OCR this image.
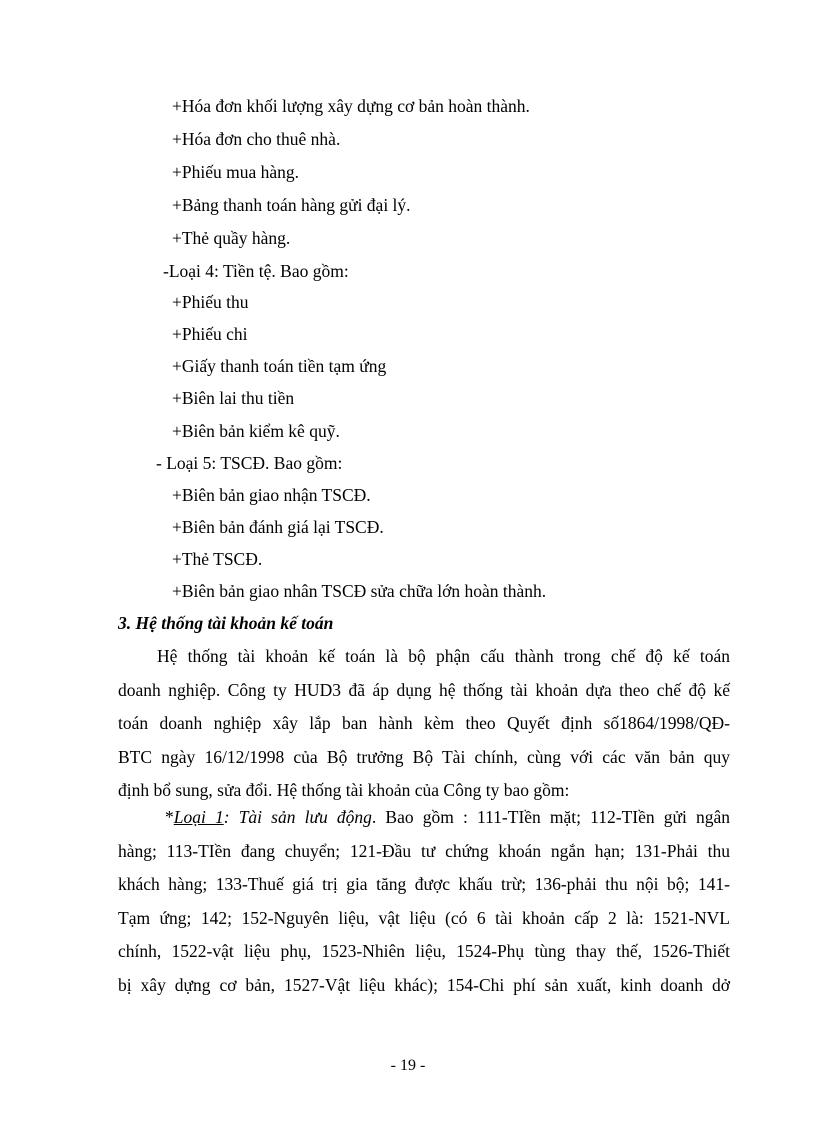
+Hóa đơn khối lượng xây dựng cơ bản hoàn thành.
+Hóa đơn cho thuê nhà.
+Phiếu mua hàng.
+Bảng thanh toán hàng gửi đại lý.
+Thẻ quầy hàng.
-Loại 4: Tiền tệ. Bao gồm:
+Phiếu thu
+Phiếu chi
+Giấy thanh toán tiền tạm ứng
+Biên lai thu tiền
+Biên bản kiểm kê quỹ.
- Loại 5: TSCĐ. Bao gồm:
+Biên bản giao nhận TSCĐ.
+Biên bản đánh giá lại TSCĐ.
+Thẻ TSCĐ.
+Biên bản giao nhân TSCĐ sửa chữa lớn hoàn thành.
3. Hệ thống tài khoản kế toán
Hệ thống tài khoản kế toán là bộ phận cấu thành trong chế độ kế toán
doanh nghiệp. Công ty HUD3 đã áp dụng hệ thống tài khoản dựa theo chế độ kế
toán doanh nghiệp xây lắp ban hành kèm theo Quyết định số1864/1998/QĐ-
BTC ngày 16/12/1998 của Bộ trưởng Bộ Tài chính, cùng với các văn bản quy
định bổ sung, sửa đổi. Hệ thống tài khoản của Công ty bao gồm:
*Loại 1: Tài sản lưu động. Bao gồm : 111-TIền mặt; 112-TIền gửi ngân
hàng; 113-TIền đang chuyển; 121-Đầu tư chứng khoán ngắn hạn; 131-Phải thu
khách hàng; 133-Thuế giá trị gia tăng được khấu trừ; 136-phải thu nội bộ; 141-
Tạm ứng; 142; 152-Nguyên liệu, vật liệu (có 6 tài khoản cấp 2 là: 1521-NVL
chính, 1522-vật liệu phụ, 1523-Nhiên liệu, 1524-Phụ tùng thay thế, 1526-Thiết
bị xây dựng cơ bản, 1527-Vật liệu khác); 154-Chi phí sản xuất, kinh doanh dở
- 19 -
